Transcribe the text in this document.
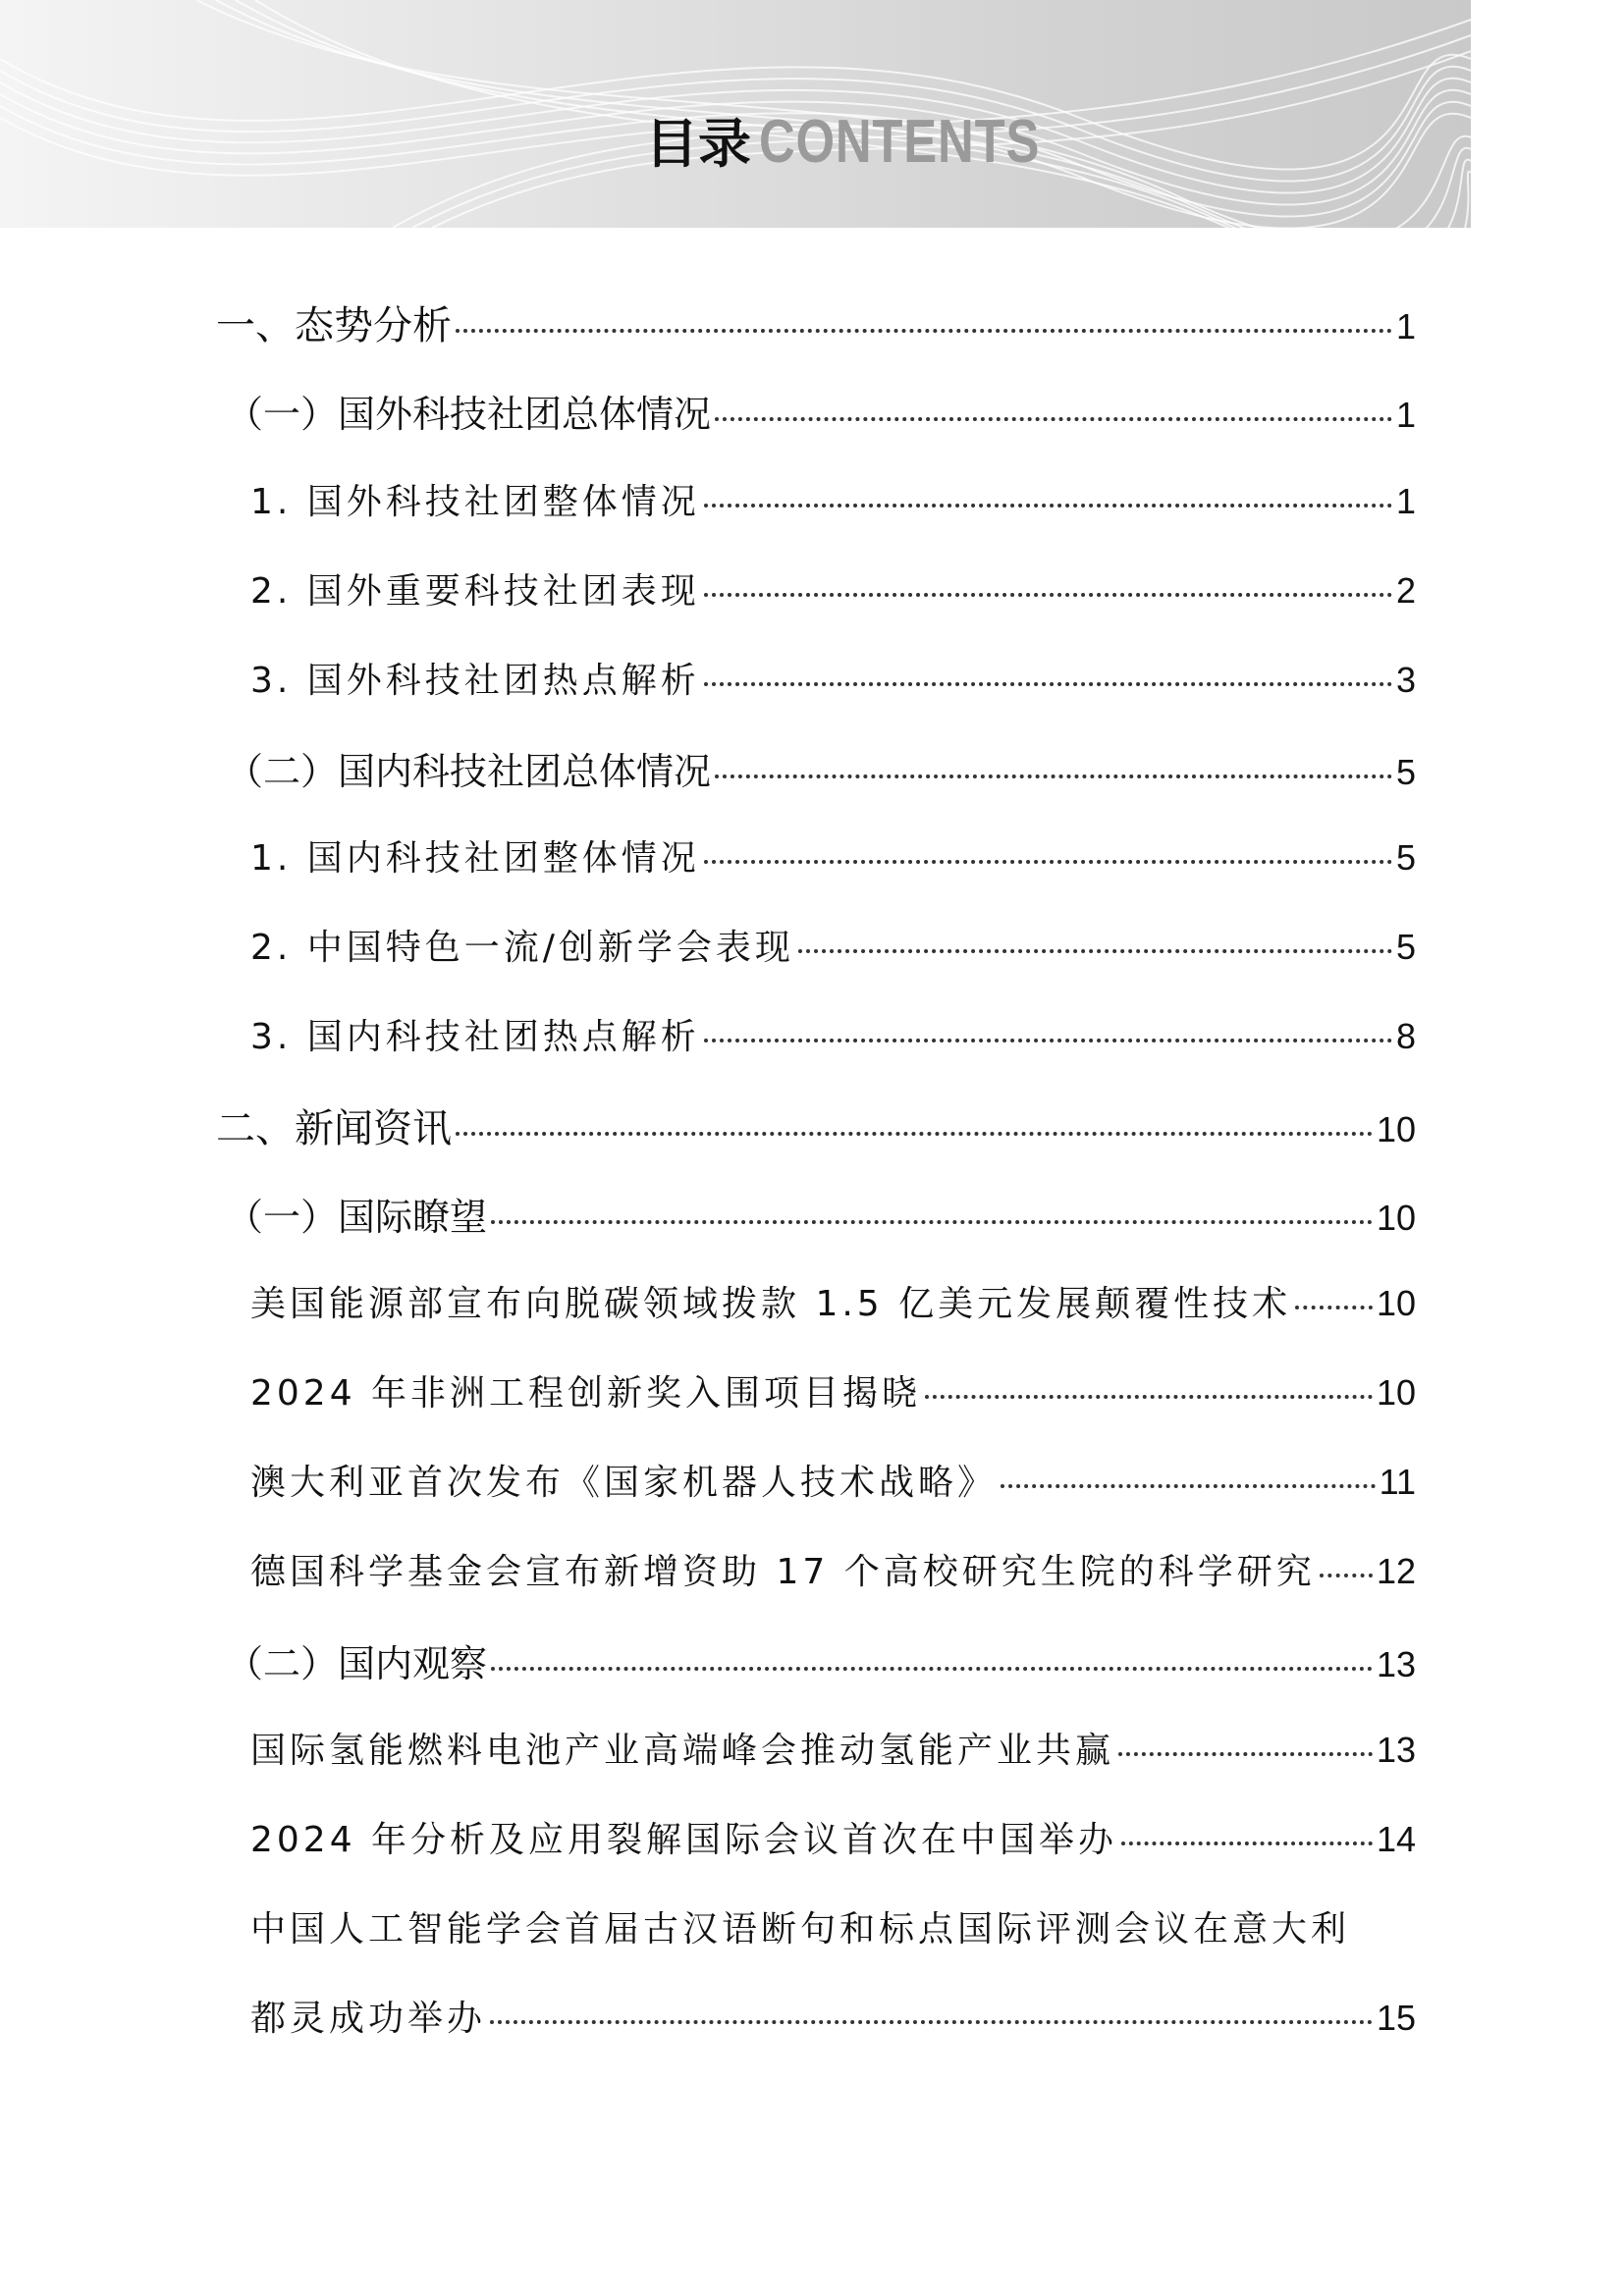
目录 CONTENTS
一、态势分析	1
（一）国外科技社团总体情况	1
1. 国外科技社团整体情况	1
2. 国外重要科技社团表现	2
3. 国外科技社团热点解析	3
（二）国内科技社团总体情况	5
1. 国内科技社团整体情况	5
2. 中国特色一流/创新学会表现	5
3. 国内科技社团热点解析	8
二、新闻资讯	10
（一）国际瞭望	10
美国能源部宣布向脱碳领域拨款 1.5 亿美元发展颠覆性技术 10
2024 年非洲工程创新奖入围项目揭晓	10
澳大利亚首次发布《国家机器人技术战略》	11
德国科学基金会宣布新增资助 17 个高校研究生院的科学研究 12
（二）国内观察	13
国际氢能燃料电池产业高端峰会推动氢能产业共赢	13
2024 年分析及应用裂解国际会议首次在中国举办	14
中国人工智能学会首届古汉语断句和标点国际评测会议在意大利
都灵成功举办	15
